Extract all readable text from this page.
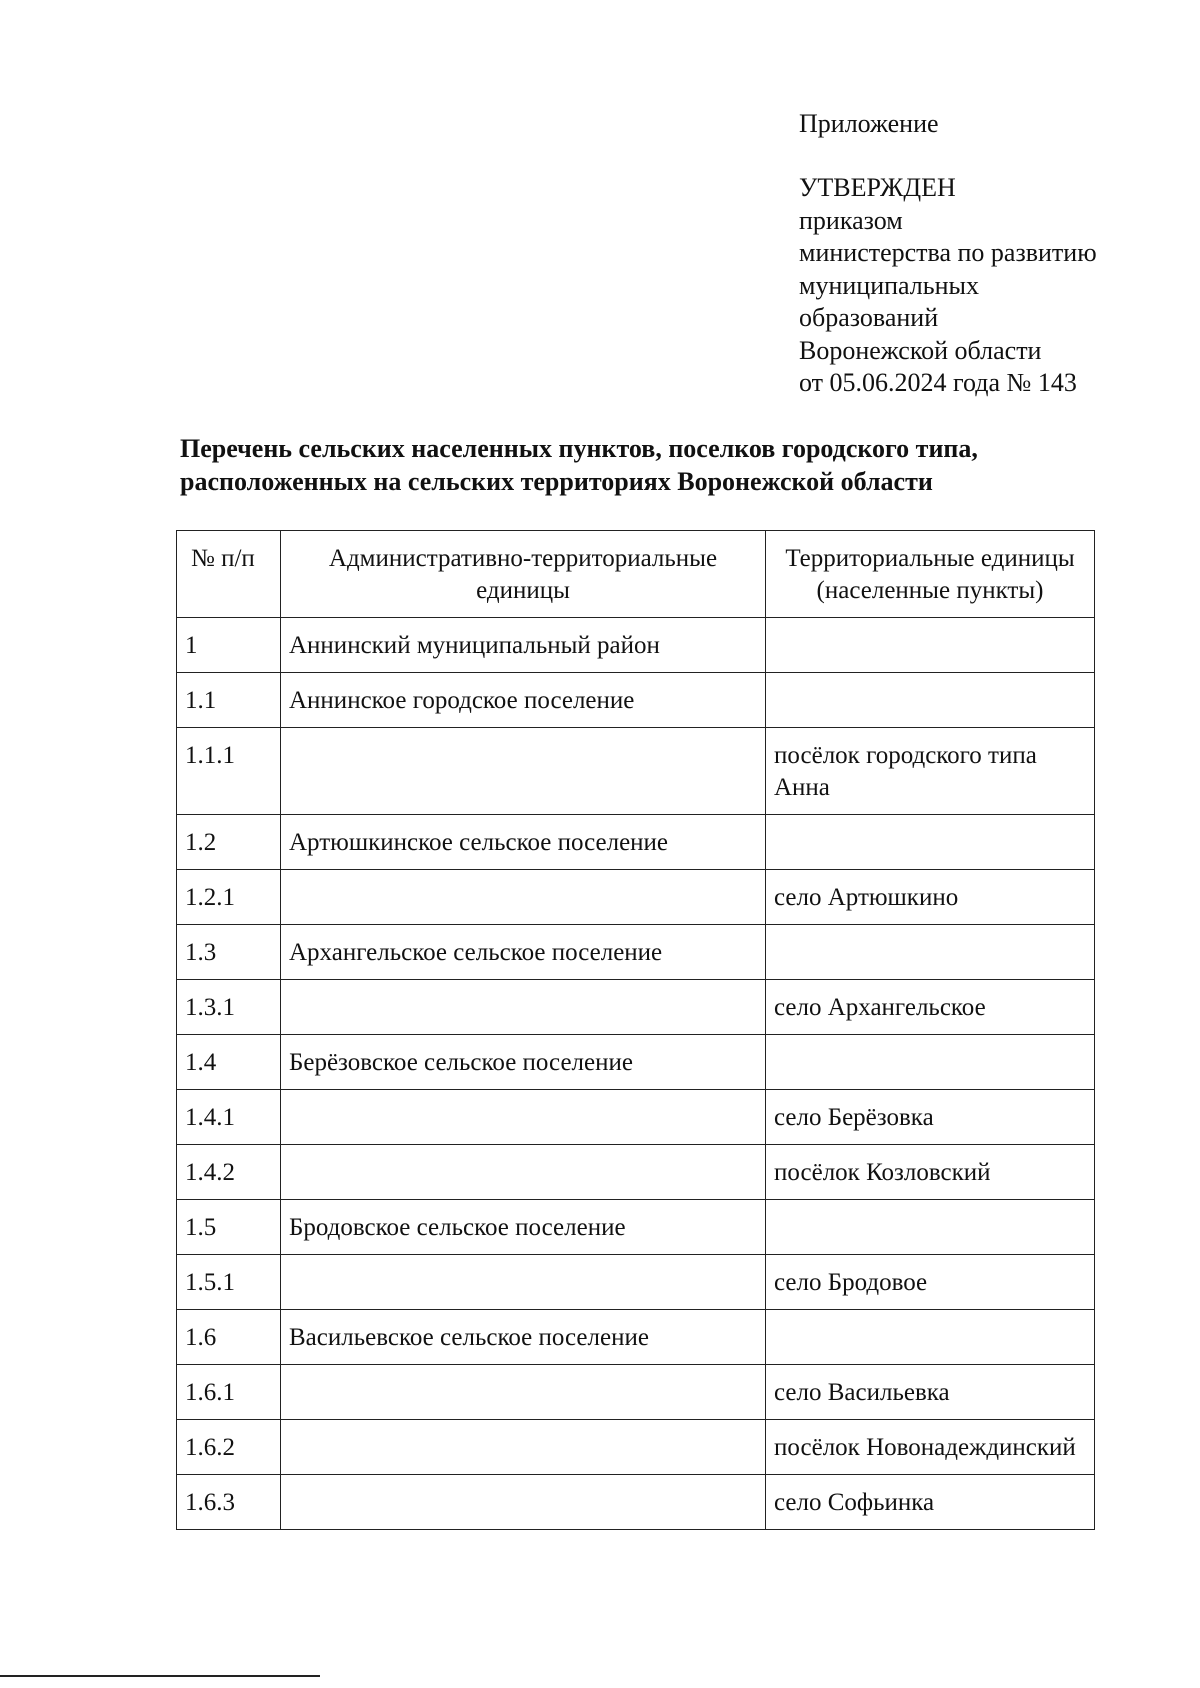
Приложение
УТВЕРЖДЕН
приказом
министерства по развитию
муниципальных
образований
Воронежской области
от 05.06.2024 года № 143
Перечень сельских населенных пунктов, поселков городского типа,
расположенных на сельских территориях Воронежской области
№ п/п	Административно-территориальные единицы	Территориальные единицы (населенные пункты)
1	Аннинский муниципальный район	
1.1	Аннинское городское поселение	
1.1.1		посёлок городского типа Анна
1.2	Артюшкинское сельское поселение	
1.2.1		село Артюшкино
1.3	Архангельское сельское поселение	
1.3.1		село Архангельское
1.4	Берёзовское сельское поселение	
1.4.1		село Берёзовка
1.4.2		посёлок Козловский
1.5	Бродовское сельское поселение	
1.5.1		село Бродовое
1.6	Васильевское сельское поселение	
1.6.1		село Васильевка
1.6.2		посёлок Новонадеждинский
1.6.3		село Софьинка
